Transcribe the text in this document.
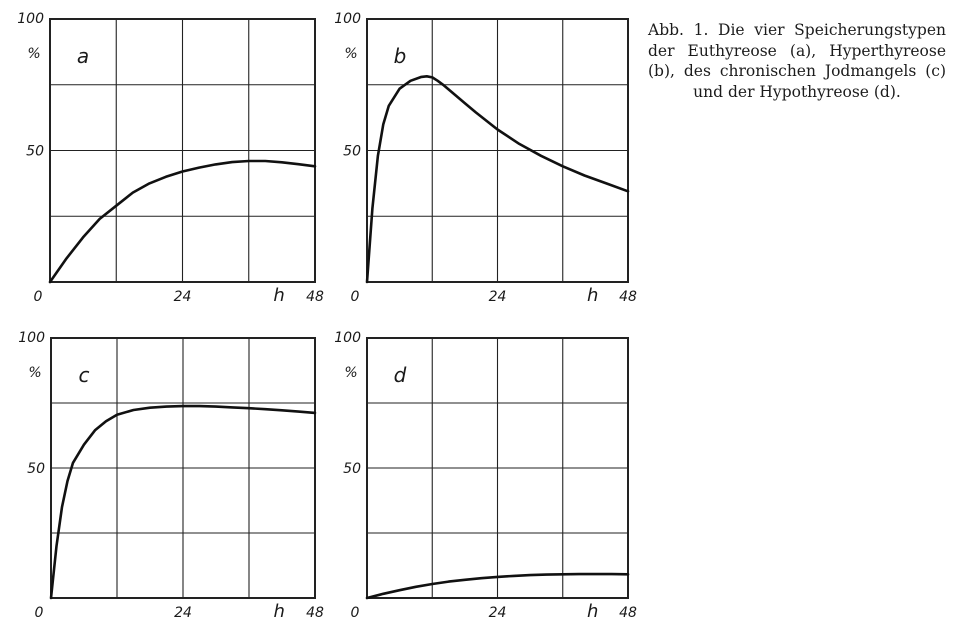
50
100
%
0	24	48
h
a
50
100
%
0	24	48
h
b
50
100
%
0	24	48
h
c
50
100
%
0	24	48
h
d
Abb. 1. Die vier Speicherungstypen der Euthyreose (a), Hyperthyreose (b), des chronischen Jodmangels (c) und der Hypothyreose (d).
